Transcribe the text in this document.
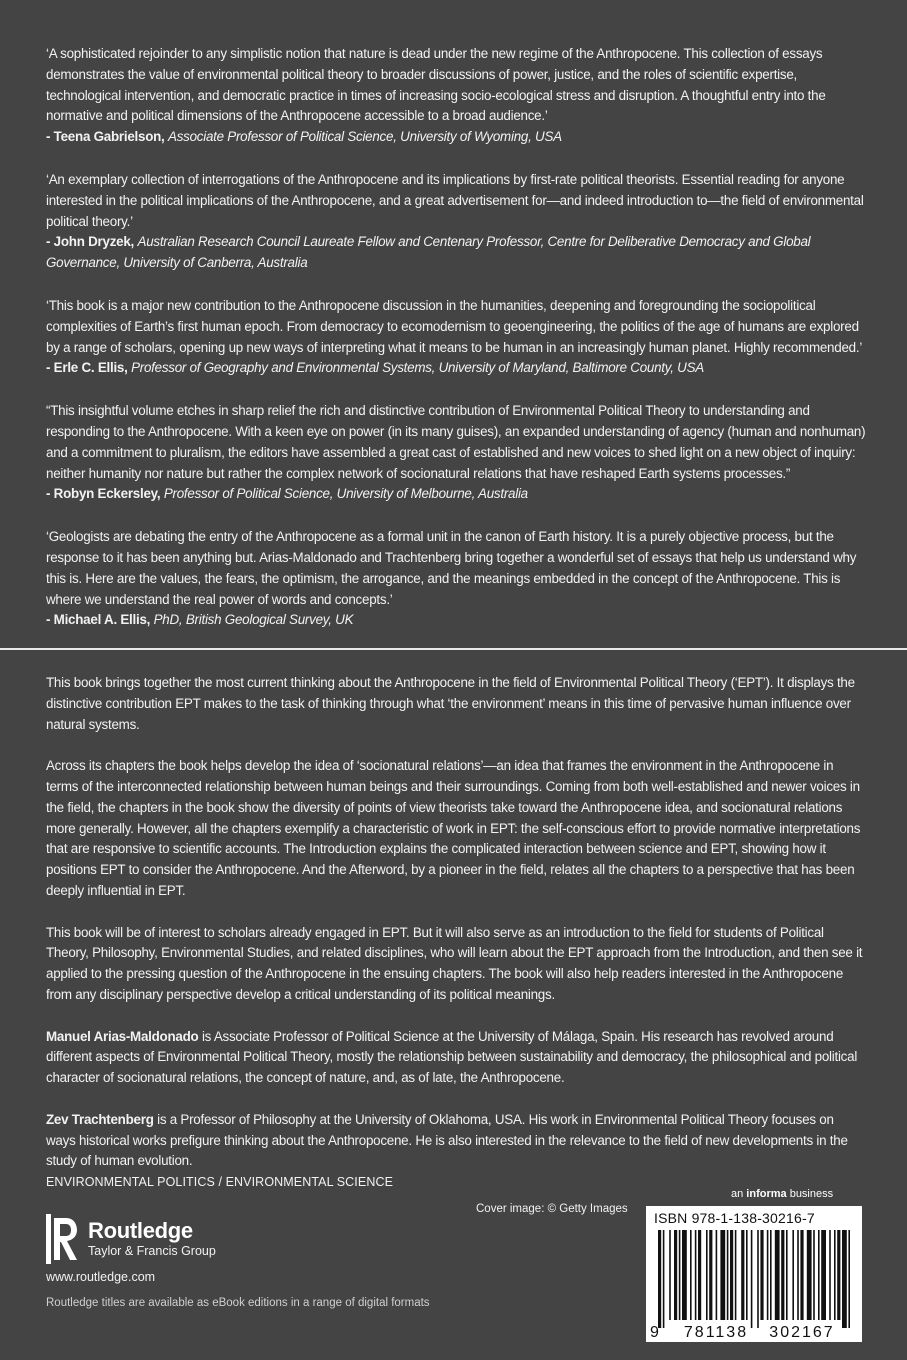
‘A sophisticated rejoinder to any simplistic notion that nature is dead under the new regime of the Anthropocene. This collection of essays demonstrates the value of environmental political theory to broader discussions of power, justice, and the roles of scientific expertise, technological intervention, and democratic practice in times of increasing socio-ecological stress and disruption. A thoughtful entry into the normative and political dimensions of the Anthropocene accessible to a broad audience.’

- Teena Gabrielson, Associate Professor of Political Science, University of Wyoming, USA

‘An exemplary collection of interrogations of the Anthropocene and its implications by first-rate political theorists. Essential reading for anyone interested in the political implications of the Anthropocene, and a great advertisement for—and indeed introduction to—the field of environmental political theory.’

- John Dryzek, Australian Research Council Laureate Fellow and Centenary Professor, Centre for Deliberative Democracy and Global Governance, University of Canberra, Australia

‘This book is a major new contribution to the Anthropocene discussion in the humanities, deepening and foregrounding the sociopolitical complexities of Earth’s first human epoch. From democracy to ecomodernism to geoengineering, the politics of the age of humans are explored by a range of scholars, opening up new ways of interpreting what it means to be human in an increasingly human planet. Highly recommended.’

- Erle C. Ellis, Professor of Geography and Environmental Systems, University of Maryland, Baltimore County, USA

“This insightful volume etches in sharp relief the rich and distinctive contribution of Environmental Political Theory to understanding and responding to the Anthropocene. With a keen eye on power (in its many guises), an expanded understanding of agency (human and nonhuman) and a commitment to pluralism, the editors have assembled a great cast of established and new voices to shed light on a new object of inquiry: neither humanity nor nature but rather the complex network of socionatural relations that have reshaped Earth systems processes.”

- Robyn Eckersley, Professor of Political Science, University of Melbourne, Australia

‘Geologists are debating the entry of the Anthropocene as a formal unit in the canon of Earth history. It is a purely objective process, but the response to it has been anything but. Arias-Maldonado and Trachtenberg bring together a wonderful set of essays that help us understand why this is. Here are the values, the fears, the optimism, the arrogance, and the meanings embedded in the concept of the Anthropocene. This is where we understand the real power of words and concepts.’

- Michael A. Ellis, PhD, British Geological Survey, UK

This book brings together the most current thinking about the Anthropocene in the field of Environmental Political Theory (‘EPT’). It displays the distinctive contribution EPT makes to the task of thinking through what ‘the environment’ means in this time of pervasive human influence over natural systems.

Across its chapters the book helps develop the idea of ‘socionatural relations’—an idea that frames the environment in the Anthropocene in terms of the interconnected relationship between human beings and their surroundings. Coming from both well-established and newer voices in the field, the chapters in the book show the diversity of points of view theorists take toward the Anthropocene idea, and socionatural relations more generally. However, all the chapters exemplify a characteristic of work in EPT: the self-conscious effort to provide normative interpretations that are responsive to scientific accounts. The Introduction explains the complicated interaction between science and EPT, showing how it positions EPT to consider the Anthropocene. And the Afterword, by a pioneer in the field, relates all the chapters to a perspective that has been deeply influential in EPT.

This book will be of interest to scholars already engaged in EPT. But it will also serve as an introduction to the field for students of Political Theory, Philosophy, Environmental Studies, and related disciplines, who will learn about the EPT approach from the Introduction, and then see it applied to the pressing question of the Anthropocene in the ensuing chapters. The book will also help readers interested in the Anthropocene from any disciplinary perspective develop a critical understanding of its political meanings.

Manuel Arias-Maldonado is Associate Professor of Political Science at the University of Málaga, Spain. His research has revolved around different aspects of Environmental Political Theory, mostly the relationship between sustainability and democracy, the philosophical and political character of socionatural relations, the concept of nature, and, as of late, the Anthropocene.

Zev Trachtenberg is a Professor of Philosophy at the University of Oklahoma, USA. His work in Environmental Political Theory focuses on ways historical works prefigure thinking about the Anthropocene. He is also interested in the relevance to the field of new developments in the study of human evolution.

ENVIRONMENTAL POLITICS / ENVIRONMENTAL SCIENCE
Routledge
Taylor & Francis Group
www.routledge.com
Routledge titles are available as eBook editions in a range of digital formats
Cover image: © Getty Images
an informa business
ISBN 978-1-138-30216-7
9 781138 302167
